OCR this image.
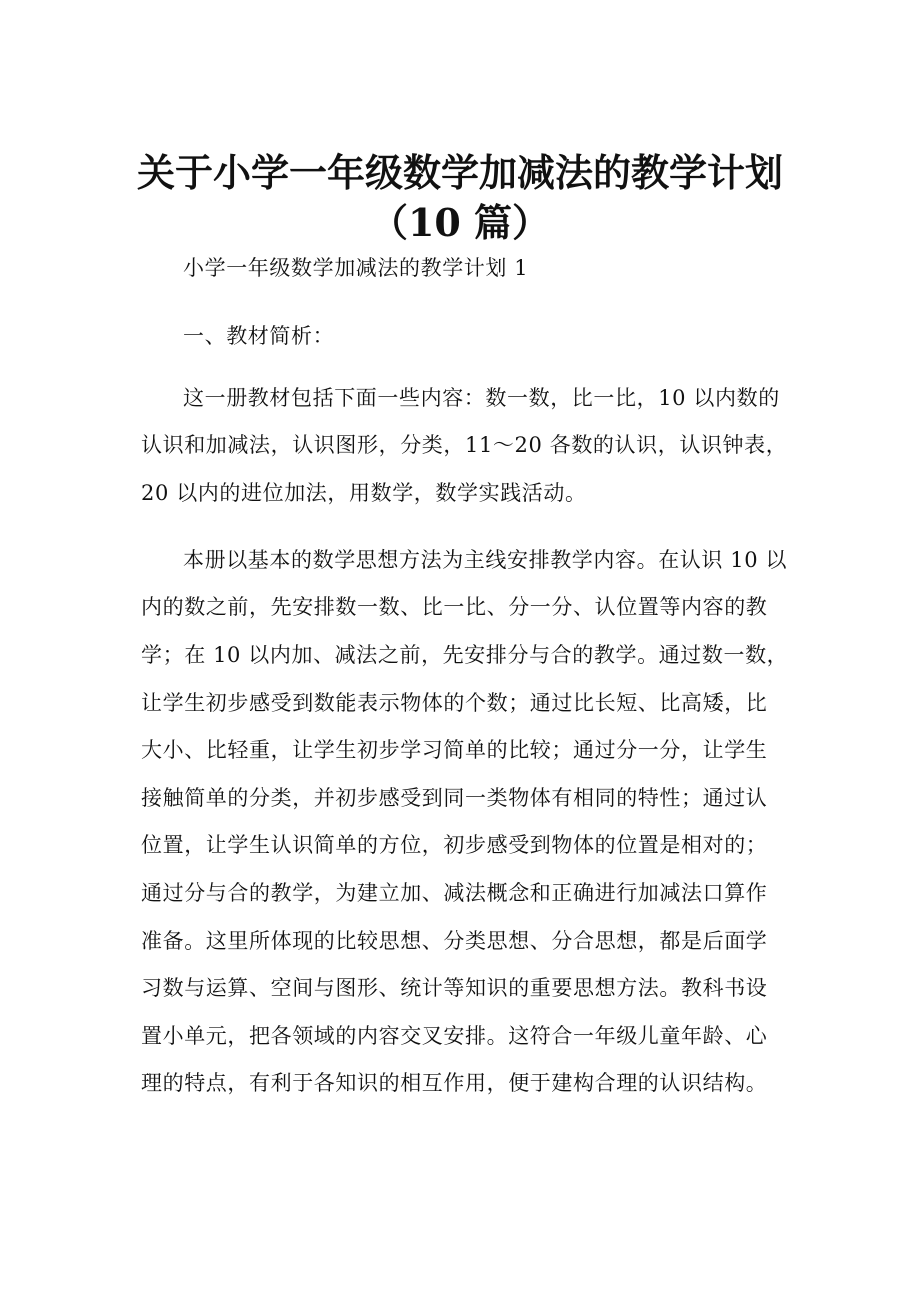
关于小学一年级数学加减法的教学计划
（10 篇）
小学一年级数学加减法的教学计划 1
一、教材简析：
这一册教材包括下面一些内容：数一数，比一比，10 以内数的
认识和加减法，认识图形，分类，11～20 各数的认识，认识钟表，
20 以内的进位加法，用数学，数学实践活动。
本册以基本的数学思想方法为主线安排教学内容。在认识 10 以
内的数之前，先安排数一数、比一比、分一分、认位置等内容的教
学；在 10 以内加、减法之前，先安排分与合的教学。通过数一数，
让学生初步感受到数能表示物体的个数；通过比长短、比高矮，比
大小、比轻重，让学生初步学习简单的比较；通过分一分，让学生
接触简单的分类，并初步感受到同一类物体有相同的特性；通过认
位置，让学生认识简单的方位，初步感受到物体的位置是相对的；
通过分与合的教学，为建立加、减法概念和正确进行加减法口算作
准备。这里所体现的比较思想、分类思想、分合思想，都是后面学
习数与运算、空间与图形、统计等知识的重要思想方法。教科书设
置小单元，把各领域的内容交叉安排。这符合一年级儿童年龄、心
理的特点，有利于各知识的相互作用，便于建构合理的认识结构。
